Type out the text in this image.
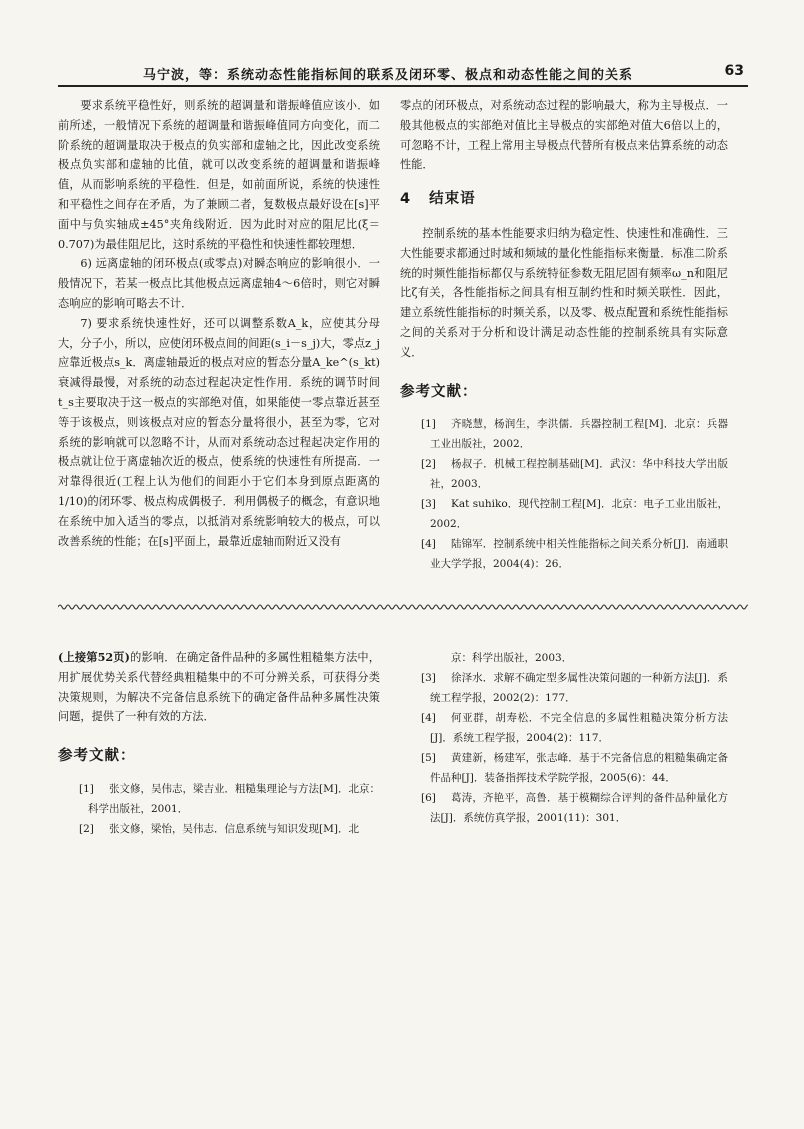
马宁波，等：系统动态性能指标间的联系及闭环零、极点和动态性能之间的关系	63

要求系统平稳性好，则系统的超调量和谐振峰值应该小．如前所述，一般情况下系统的超调量和谐振峰值同方向变化，而二阶系统的超调量取决于极点的负实部和虚轴之比，因此改变系统极点负实部和虚轴的比值，就可以改变系统的超调量和谐振峰值，从而影响系统的平稳性．但是，如前面所说，系统的快速性和平稳性之间存在矛盾，为了兼顾二者，复数极点最好设在[s]平面中与负实轴成±45°夹角线附近．因为此时对应的阻尼比(ξ＝0.707)为最佳阻尼比，这时系统的平稳性和快速性都较理想．

6) 远离虚轴的闭环极点(或零点)对瞬态响应的影响很小．一般情况下，若某一极点比其他极点远离虚轴4～6倍时，则它对瞬态响应的影响可略去不计．

7) 要求系统快速性好，还可以调整系数A_k，应使其分母大，分子小，所以，应使闭环极点间的间距(s_i－s_j)大，零点z_j应靠近极点s_k．离虚轴最近的极点对应的暂态分量A_ke^(s_kt)衰减得最慢，对系统的动态过程起决定性作用．系统的调节时间t_s主要取决于这一极点的实部绝对值，如果能使一零点靠近甚至等于该极点，则该极点对应的暂态分量将很小，甚至为零，它对系统的影响就可以忽略不计，从而对系统动态过程起决定作用的极点就让位于离虚轴次近的极点，使系统的快速性有所提高．一对靠得很近(工程上认为他们的间距小于它们本身到原点距离的1/10)的闭环零、极点构成偶极子．利用偶极子的概念，有意识地在系统中加入适当的零点，以抵消对系统影响较大的极点，可以改善系统的性能；在[s]平面上，最靠近虚轴而附近又没有

零点的闭环极点，对系统动态过程的影响最大，称为主导极点．一般其他极点的实部绝对值比主导极点的实部绝对值大6倍以上的，可忽略不计，工程上常用主导极点代替所有极点来估算系统的动态性能．

4 结束语

控制系统的基本性能要求归纳为稳定性、快速性和准确性．三大性能要求都通过时域和频域的量化性能指标来衡量．标准二阶系统的时频性能指标都仅与系统特征参数无阻尼固有频率ω_n和阻尼比ζ有关，各性能指标之间具有相互制约性和时频关联性．因此，建立系统性能指标的时频关系，以及零、极点配置和系统性能指标之间的关系对于分析和设计满足动态性能的控制系统具有实际意义．

参考文献：

[1] 齐晓慧，杨润生，李洪儒．兵器控制工程[M]．北京：兵器工业出版社，2002．

[2] 杨叔子．机械工程控制基础[M]．武汉：华中科技大学出版社，2003．

[3] Kat suhiko．现代控制工程[M]．北京：电子工业出版社，2002．

[4] 陆锦军．控制系统中相关性能指标之间关系分析[J]．南通职业大学学报，2004(4)：26．

(上接第52页)的影响．在确定备件品种的多属性粗糙集方法中，用扩展优势关系代替经典粗糙集中的不可分辨关系，可获得分类决策规则，为解决不完备信息系统下的确定备件品种多属性决策问题，提供了一种有效的方法．

参考文献：

[1] 张文修，吴伟志，梁吉业．粗糙集理论与方法[M]．北京：科学出版社，2001．

[2] 张文修，梁怡，吴伟志．信息系统与知识发现[M]．北

京：科学出版社，2003．

[3] 徐泽水．求解不确定型多属性决策问题的一种新方法[J]．系统工程学报，2002(2)：177．

[4] 何亚群，胡寿松．不完全信息的多属性粗糙决策分析方法[J]．系统工程学报，2004(2)：117．

[5] 黄建新，杨建军，张志峰．基于不完备信息的粗糙集确定备件品种[J]．装备指挥技术学院学报，2005(6)：44．

[6] 葛涛，齐艳平，高鲁．基于模糊综合评判的备件品种量化方法[J]．系统仿真学报，2001(11)：301．
